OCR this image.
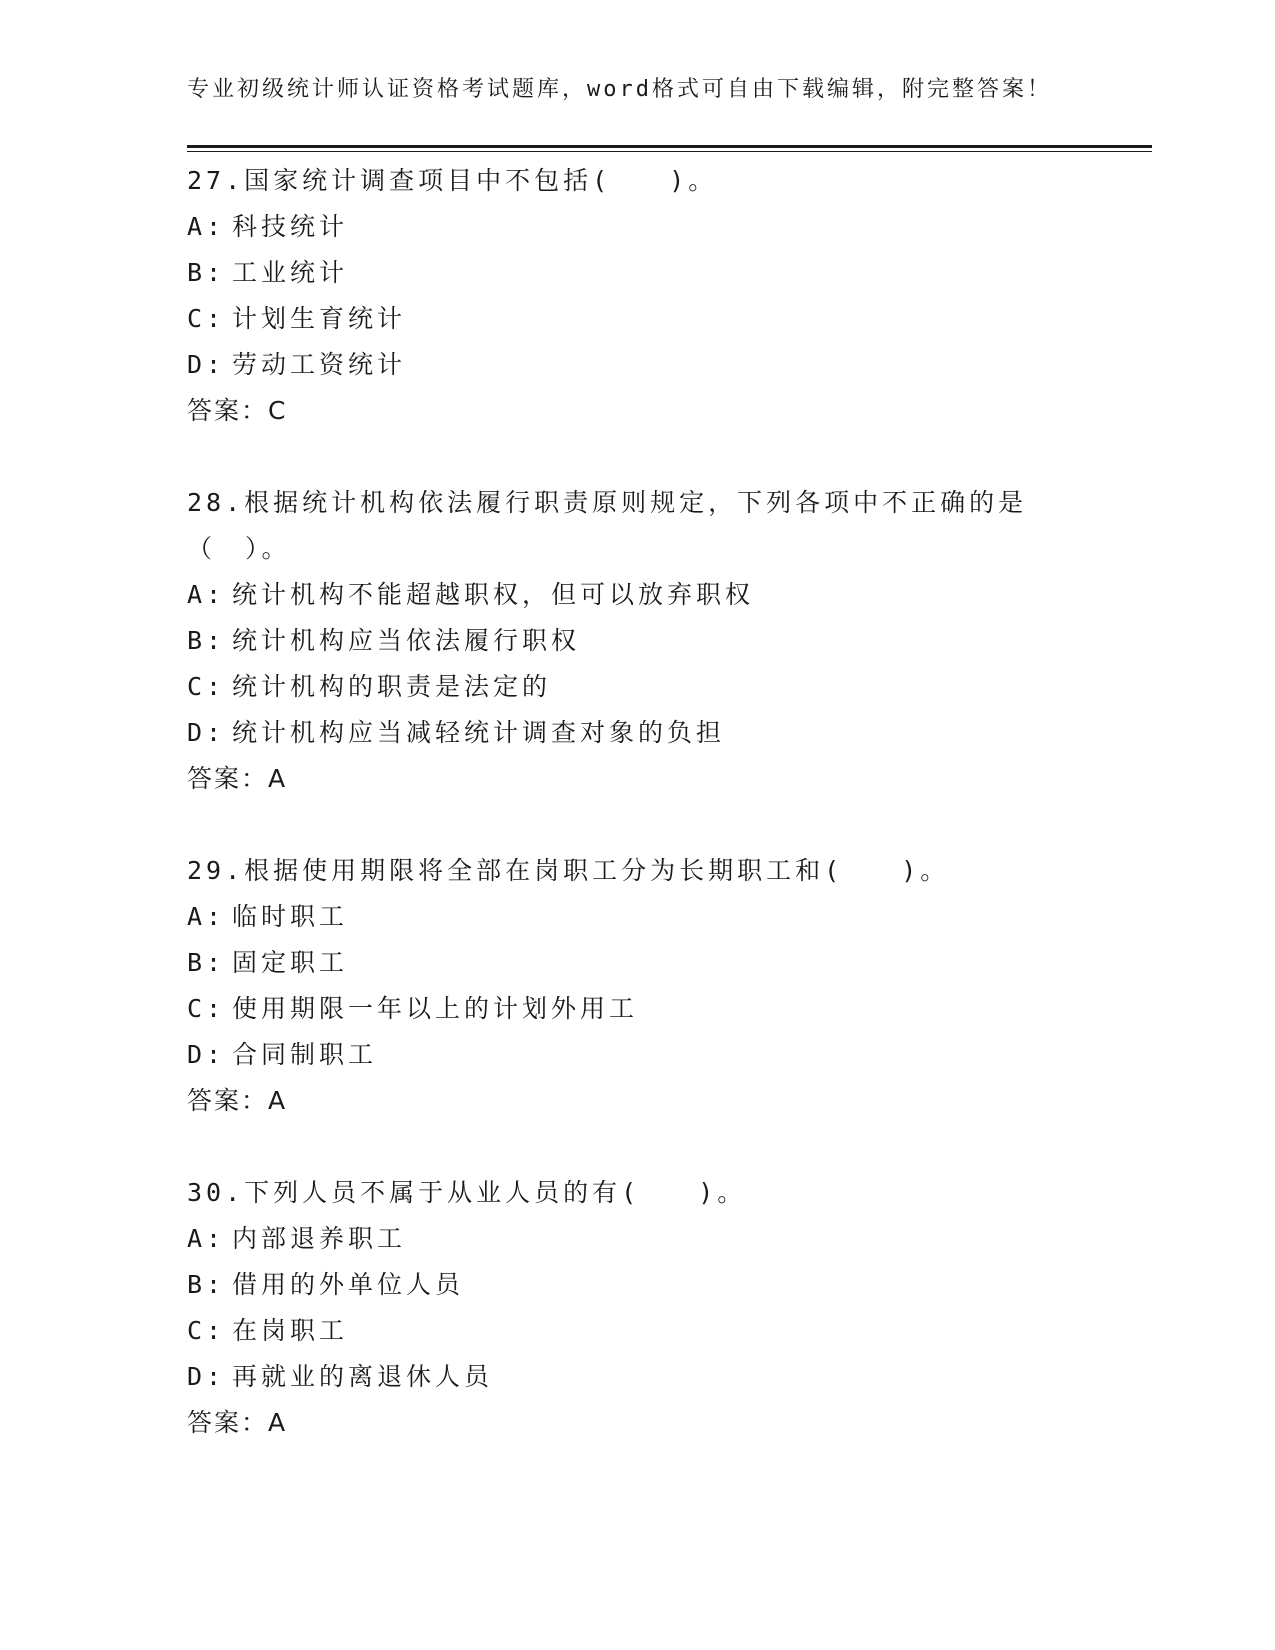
专业初级统计师认证资格考试题库，word格式可自由下载编辑，附完整答案！
27.国家统计调查项目中不包括(　　)。
A: 科技统计
B: 工业统计
C: 计划生育统计
D: 劳动工资统计
答案：C
28.根据统计机构依法履行职责原则规定，下列各项中不正确的是（　）。
A: 统计机构不能超越职权，但可以放弃职权
B: 统计机构应当依法履行职权
C: 统计机构的职责是法定的
D: 统计机构应当减轻统计调查对象的负担
答案：A
29.根据使用期限将全部在岗职工分为长期职工和(　　)。
A: 临时职工
B: 固定职工
C: 使用期限一年以上的计划外用工
D: 合同制职工
答案：A
30.下列人员不属于从业人员的有(　　)。
A: 内部退养职工
B: 借用的外单位人员
C: 在岗职工
D: 再就业的离退休人员
答案：A
